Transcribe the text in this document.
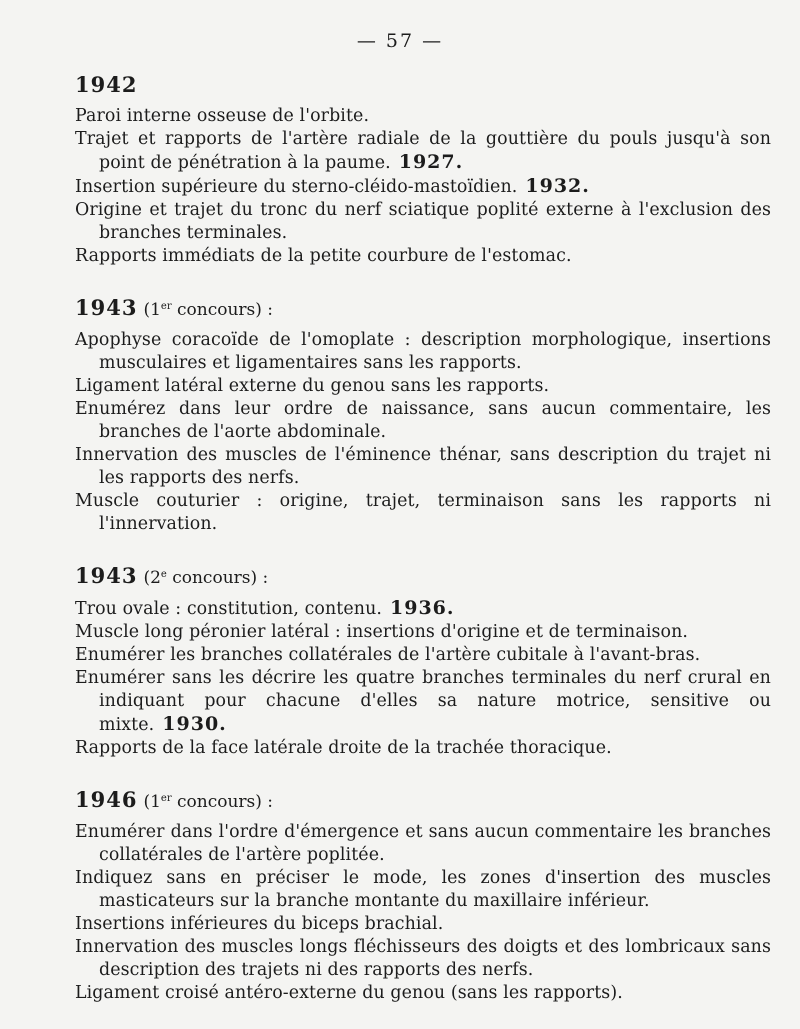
— 57 —
1942

Paroi interne osseuse de l'orbite.

Trajet et rapports de l'artère radiale de la gouttière du pouls jusqu'à son point de pénétration à la paume. 1927.

Insertion supérieure du sterno-cléido-mastoïdien. 1932.

Origine et trajet du tronc du nerf sciatique poplité externe à l'exclusion des branches terminales.

Rapports immédiats de la petite courbure de l'estomac.

1943 (1er concours) :

Apophyse coracoïde de l'omoplate : description morphologique, insertions musculaires et ligamentaires sans les rapports.

Ligament latéral externe du genou sans les rapports.

Enumérez dans leur ordre de naissance, sans aucun commentaire, les branches de l'aorte abdominale.

Innervation des muscles de l'éminence thénar, sans description du trajet ni les rapports des nerfs.

Muscle couturier : origine, trajet, terminaison sans les rapports ni l'innervation.

1943 (2e concours) :

Trou ovale : constitution, contenu. 1936.

Muscle long péronier latéral : insertions d'origine et de terminaison.

Enumérer les branches collatérales de l'artère cubitale à l'avant-bras.

Enumérer sans les décrire les quatre branches terminales du nerf crural en indiquant pour chacune d'elles sa nature motrice, sensitive ou mixte. 1930.

Rapports de la face latérale droite de la trachée thoracique.

1946 (1er concours) :

Enumérer dans l'ordre d'émergence et sans aucun commentaire les branches collatérales de l'artère poplitée.

Indiquez sans en préciser le mode, les zones d'insertion des muscles masticateurs sur la branche montante du maxillaire inférieur.

Insertions inférieures du biceps brachial.

Innervation des muscles longs fléchisseurs des doigts et des lombricaux sans description des trajets ni des rapports des nerfs.

Ligament croisé antéro-externe du genou (sans les rapports).
